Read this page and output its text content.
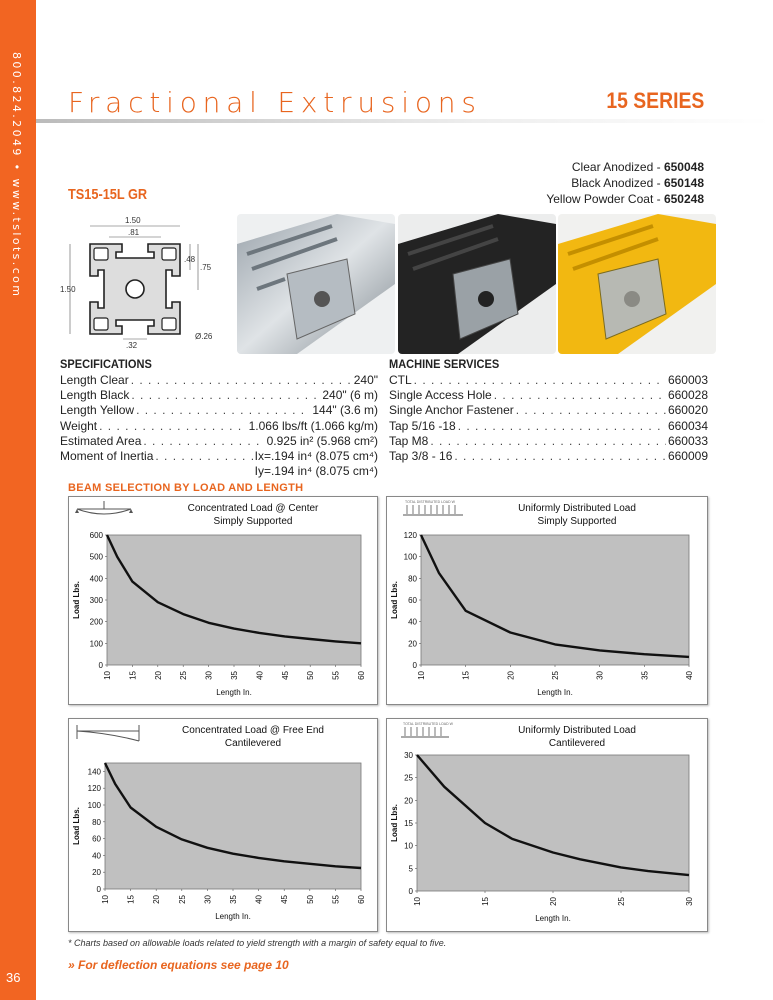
800.824.2049 • www.tslots.com
36
Fractional Extrusions	15 SERIES
TS15-15L GR
Clear Anodized - 650048
Black Anodized - 650148
Yellow Powder Coat - 650248
1.50
.81
1.50
.48
.75
Ø.26
.32
SPECIFICATIONS
Length Clear . . .	240"
Length Black . . .	240" (6 m)
Length Yellow . . .	144" (3.6 m)
Weight . . .	1.066 lbs/ft (1.066 kg/m)
Estimated Area . . .	0.925 in² (5.968 cm²)
Moment of Inertia . . .	Ix=.194 in⁴ (8.075 cm⁴)
Iy=.194 in⁴ (8.075 cm⁴)
MACHINE SERVICES
CTL . . .	660003
Single Access Hole . . .	660028
Single Anchor Fastener . . .	660020
Tap 5/16 -18 . . .	660034
Tap M8 . . .	660033
Tap 3/8 - 16 . . .	660009
BEAM SELECTION BY LOAD AND LENGTH
Concentrated Load @ Center
Simply Supported
0
100
200
300
400
500
600
10 15 20 25 30 35 40 45 50 55 60
Load Lbs.
Length In.
Uniformly Distributed Load
Simply Supported
TOTAL DISTRIBUTED LOAD W
0
20
40
60
80
100
120
10	15	20	25	30	35	40
Load Lbs.
Length In.
Concentrated Load @ Free End
Cantilevered
0
20
40
60
80
100
120
140
10 15 20 25 30 35 40 45 50 55 60
Load Lbs.
Length In.
Uniformly Distributed Load
Cantilevered
TOTAL DISTRIBUTED LOAD W
0
5
10
15
20
25
30
10	15	20	25	30
Load Lbs.
Length In.
* Charts based on allowable loads related to yield strength with a margin of safety equal to five.
» For deflection equations see page 10
